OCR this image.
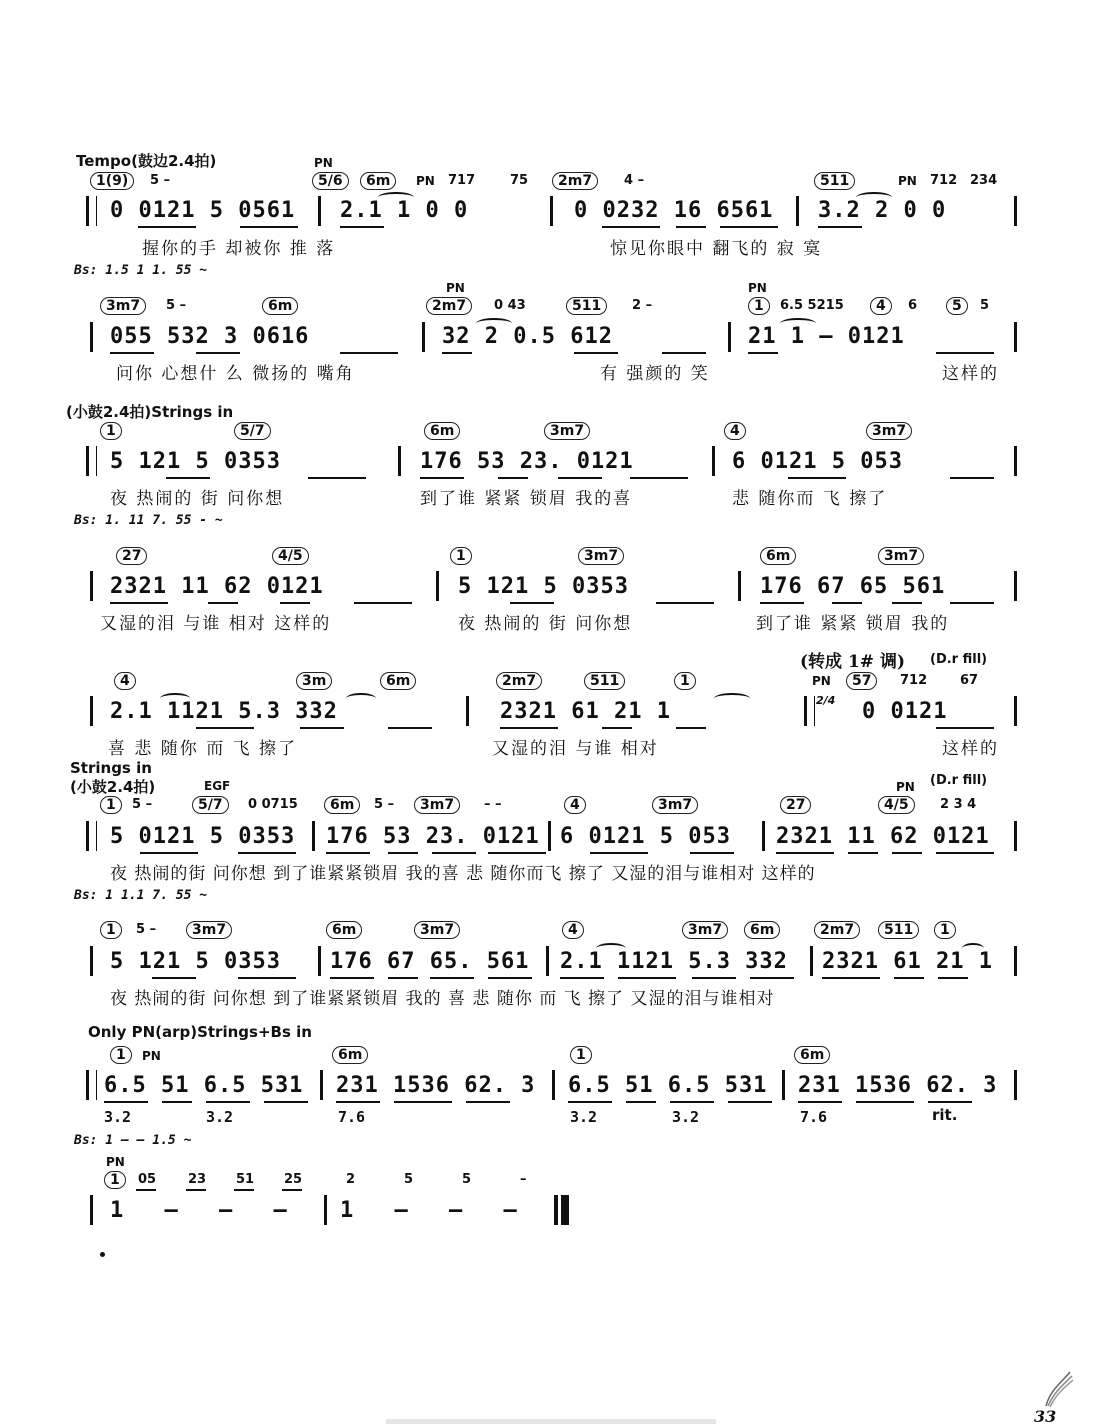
Tempo(鼓边2.4拍)	PN
1(9)	5 –	5/6	6m	PN 717	75	2m7	4 –	511	PN 712 234
0 0121 5 0561 2.1 1 0 0	0 0232 16 6561 3.2 2 0 0
握你的手 却被你 推 落	惊见你眼中 翻飞的 寂 寞
Bs: 1.5 1 1. 55 ~
PN	PN
3m7	5 –	6m	2m7	0 43	511	2 –	1	6.5 5215	4	6	5	5
055 532 3 0616	32 2 0.5 612	21 1 – 0121
问你 心想什 么 微扬的 嘴角	有 强颜的 笑	这样的
(小鼓2.4拍)Strings in
1	5/7	6m	3m7	4	3m7
5 121 5 0353	176 53 23. 0121	6 0121 5 053
夜 热闹的 街 问你想	到了谁 紧紧 锁眉 我的喜	悲 随你而 飞 擦了
Bs: 1. 11 7. 55 - ~
27	4/5	1	3m7	6m	3m7
2321 11 62 0121	5 121 5 0353	176 67 65 561
又湿的泪 与谁 相对 这样的	夜 热闹的 街 问你想	到了谁 紧紧 锁眉 我的
(转成 1# 调) (D.r fill)
4	3m	6m	2m7	511	1	PN	57	712	67
2.1 1121 5.3 332	2321 61 21 1	2/4 0 0121
喜 悲 随你 而 飞 擦了	又湿的泪 与谁 相对	这样的
Strings in
(小鼓2.4拍)	EGF	PN (D.r fill)
1	5 –	5/7	0 0715	6m	5 –	3m7	– –	4	3m7	27	4/5	2 3 4
5 0121 5 0353 176 53 23. 0121 6 0121 5 053 2321 11 62 0121
夜 热闹的街 问你想 到了谁紧紧锁眉 我的喜 悲 随你而飞 擦了 又湿的泪与谁相对 这样的
Bs: 1 1.1 7. 55 ~
1	5 –	3m7	6m	3m7	4	3m7	6m	2m7	511	1
5 121 5 0353 176 67 65. 561 2.1 1121 5.3 332 2321 61 21 1
夜 热闹的街 问你想 到了谁紧紧锁眉 我的 喜 悲 随你 而 飞 擦了 又湿的泪与谁相对
Only PN(arp)Strings+Bs in
1	PN	6m	1	6m
6.5 51 6.5 531 231 1536 62. 3 6.5 51 6.5 531 231 1536 62. 3
3.2	3.2	7.6	3.2	3.2	7.6	rit.
Bs: 1 – – 1.5 ~
PN
1	05 23 51 25	2	5	5	–
1 – – – 1 – – –
33
